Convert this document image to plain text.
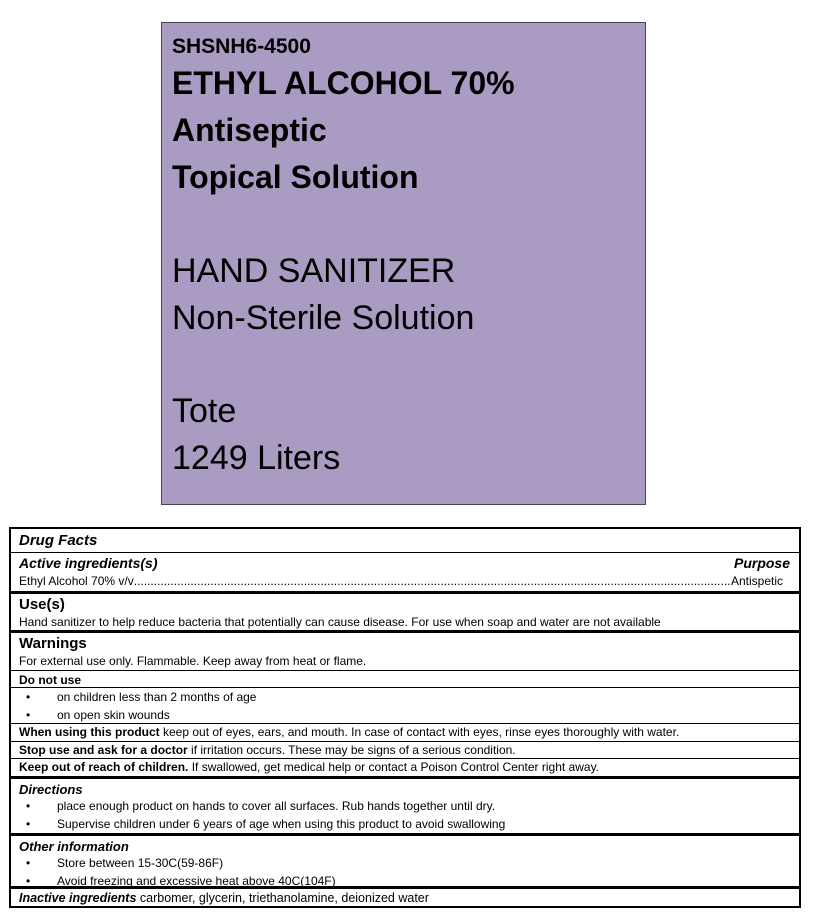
SHSNH6-4500
ETHYL ALCOHOL 70%
Antiseptic
Topical Solution
HAND SANITIZER
Non-Sterile Solution
Tote
1249 Liters
Drug Facts
Active ingredients(s)	Purpose
Ethyl Alcohol 70% v/v
.....	Antispetic
Use(s)
Hand sanitizer to help reduce bacteria that potentially can cause disease. For use when soap and water are not available
Warnings
For external use only. Flammable. Keep away from heat or flame.
Do not use
• on children less than 2 months of age
• on open skin wounds
When using this product keep out of eyes, ears, and mouth. In case of contact with eyes, rinse eyes thoroughly with water.
Stop use and ask for a doctor if irritation occurs. These may be signs of a serious condition.
Keep out of reach of children. If swallowed, get medical help or contact a Poison Control Center right away.
Directions
• place enough product on hands to cover all surfaces. Rub hands together until dry.
• Supervise children under 6 years of age when using this product to avoid swallowing
Other information
• Store between 15-30C(59-86F)
• Avoid freezing and excessive heat above 40C(104F)
Inactive ingredients carbomer, glycerin, triethanolamine, deionized water
